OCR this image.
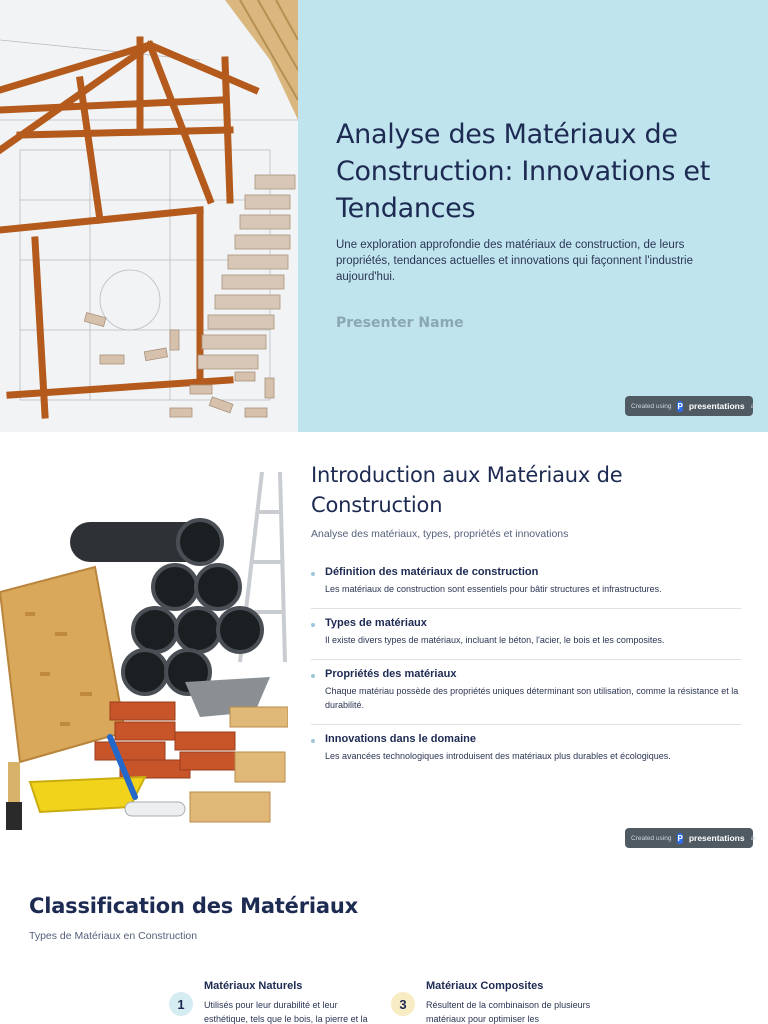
Analyse des Matériaux de Construction: Innovations et Tendances

Une exploration approfondie des matériaux de construction, de leurs propriétés, tendances actuelles et innovations qui façonnent l'industrie aujourd'hui.

Presenter Name

Created using P presentations ai
Introduction aux Matériaux de Construction

Analyse des matériaux, types, propriétés et innovations

Définition des matériaux de construction

Les matériaux de construction sont essentiels pour bâtir structures et infrastructures.

Types de matériaux

Il existe divers types de matériaux, incluant le béton, l'acier, le bois et les composites.

Propriétés des matériaux

Chaque matériau possède des propriétés uniques déterminant son utilisation, comme la résistance et la durabilité.

Innovations dans le domaine

Les avancées technologiques introduisent des matériaux plus durables et écologiques.

Created using P presentations ai
Classification des Matériaux

Types de Matériaux en Construction

1
Matériaux Naturels

Utilisés pour leur durabilité et leur esthétique, tels que le bois, la pierre et la

3
Matériaux Composites

Résultent de la combinaison de plusieurs matériaux pour optimiser les
